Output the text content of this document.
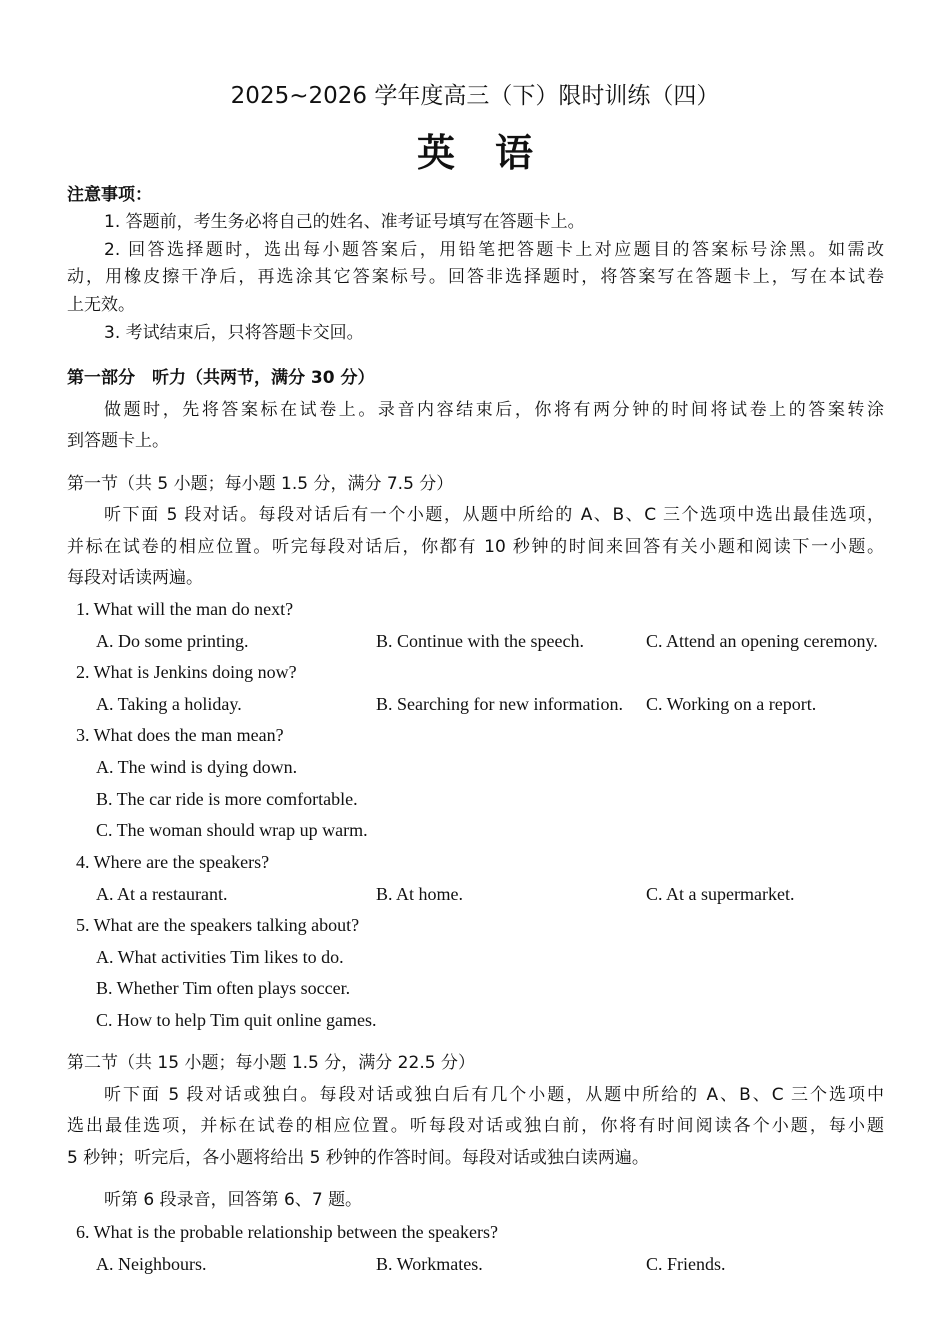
2025~2026 学年度高三（下）限时训练（四）
英语
注意事项：
1. 答题前，考生务必将自己的姓名、准考证号填写在答题卡上。
2. 回答选择题时，选出每小题答案后，用铅笔把答题卡上对应题目的答案标号涂黑。如需改
动，用橡皮擦干净后，再选涂其它答案标号。回答非选择题时，将答案写在答题卡上，写在本试卷
上无效。
3. 考试结束后，只将答题卡交回。
第一部分　听力（共两节，满分 30 分）
做题时，先将答案标在试卷上。录音内容结束后，你将有两分钟的时间将试卷上的答案转涂
到答题卡上。
第一节（共 5 小题；每小题 1.5 分，满分 7.5 分）
听下面 5 段对话。每段对话后有一个小题，从题中所给的 A、B、C 三个选项中选出最佳选项，
并标在试卷的相应位置。听完每段对话后，你都有 10 秒钟的时间来回答有关小题和阅读下一小题。
每段对话读两遍。
1. What will the man do next?
A. Do some printing.	B. Continue with the speech.	C. Attend an opening ceremony.
2. What is Jenkins doing now?
A. Taking a holiday.	B. Searching for new information. C. Working on a report.
3. What does the man mean?
A. The wind is dying down.
B. The car ride is more comfortable.
C. The woman should wrap up warm.
4. Where are the speakers?
A. At a restaurant.	B. At home.	C. At a supermarket.
5. What are the speakers talking about?
A. What activities Tim likes to do.
B. Whether Tim often plays soccer.
C. How to help Tim quit online games.
第二节（共 15 小题；每小题 1.5 分，满分 22.5 分）
听下面 5 段对话或独白。每段对话或独白后有几个小题，从题中所给的 A、B、C 三个选项中
选出最佳选项，并标在试卷的相应位置。听每段对话或独白前，你将有时间阅读各个小题，每小题
5 秒钟；听完后，各小题将给出 5 秒钟的作答时间。每段对话或独白读两遍。
听第 6 段录音，回答第 6、7 题。
6. What is the probable relationship between the speakers?
A. Neighbours.	B. Workmates.	C. Friends.
